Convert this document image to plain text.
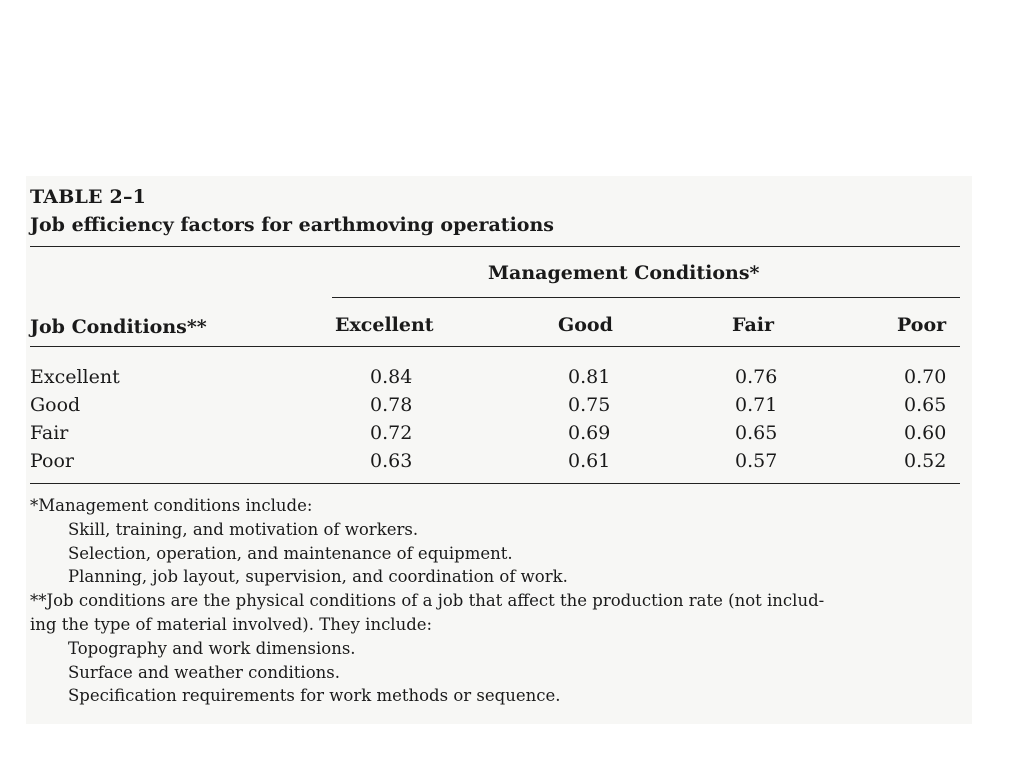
TABLE 2–1
Job efficiency factors for earthmoving operations
Management Conditions*
Job Conditions**	Excellent	Good	Fair	Poor
Excellent	0.84	0.81	0.76	0.70
Good	0.78	0.75	0.71	0.65
Fair	0.72	0.69	0.65	0.60
Poor	0.63	0.61	0.57	0.52
*Management conditions include:
Skill, training, and motivation of workers.
Selection, operation, and maintenance of equipment.
Planning, job layout, supervision, and coordination of work.
**Job conditions are the physical conditions of a job that affect the production rate (not includ-
ing the type of material involved). They include:
Topography and work dimensions.
Surface and weather conditions.
Specification requirements for work methods or sequence.
